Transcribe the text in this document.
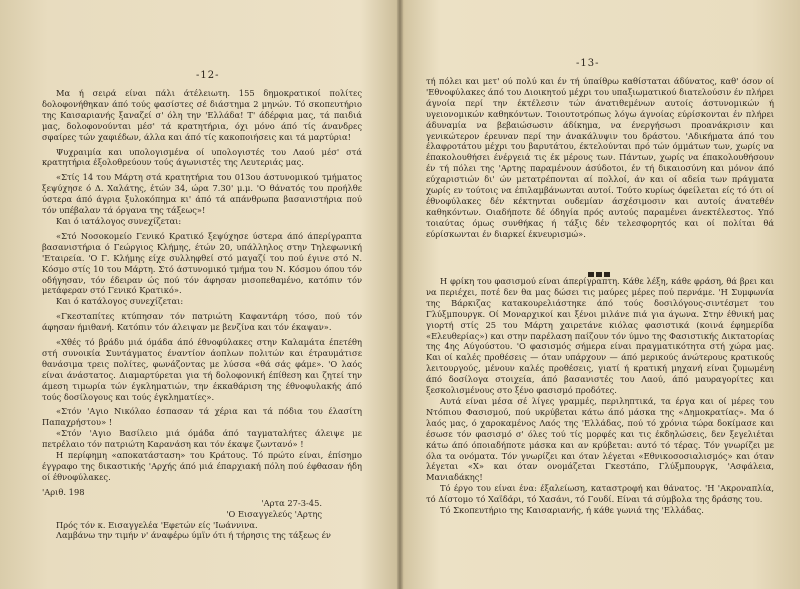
-12-

Μα ή σειρά είναι πάλι άτέλειωτη. 155 δημοκρατικοί πολίτες δολοφονήθηκαν άπό τούς φασίστες σέ διάστημα 2 μηνών. Τό σκοπευτήριο της Καισαριανής ξαναζεί σ' όλη την 'Ελλάδα! Τ' άδέρφια μας, τά παιδιά μας, δολοφονούνται μέσ' τά κρατητήρια, όχι μόνο άπό τίς άνανδρες σφαίρες τών χαφιέδων, άλλα και άπό τίς κακοποιήσεις και τά μαρτύρια!

Ψυχραιμία και υπολογισμένα οί υπολογιστές του Λαού μέσ' στά κρατητήρια έξολοθρεύουν τούς άγωνιστές της Λευτεριάς μας.

«Στίς 14 του Μάρτη στά κρατητήρια του 013ου άστυνομικού τμήματος ξεψύχησε ό Δ. Χαλάτης, έτών 34, ώρα 7.30' μ.μ. 'Ο θάνατός του προήλθε ύστερα άπό άγρια ξυλοκόπημα κι' άπό τά απάνθρωπα βασανιστήρια πού τόν υπέβαλαν τά όργανα της τάξεως»!

Και ό ιατάλογος συνεχίζεται:

«Στό Νοσοκομείο Γενικό Κρατικό ξεψύχησε ύστερα άπό άπερίγραπτα βασανιστήρια ό Γεώργιος Κλήμης, έτών 20, υπάλληλος στην Τηλεφωνική 'Εταιρεία. 'Ο Γ. Κλήμης είχε συλληφθεί στό μαγαζί του πού έγινε στό Ν. Κόσμο στίς 10 του Μάρτη. Στό άστυνομικό τμήμα του Ν. Κόσμου όπου τόν οδήγησαν, τόν έδειραν ώς πού τόν άφησαν μισοπεθαμένο, κατόπιν τόν μετάφεραν στό Γενικό Κρατικό».

Και ό κατάλογος συνεχίζεται:

«Γκεσταπίτες κτύπησαν τόν πατριώτη Καφαντάρη τόσο, πού τόν άφησαν ήμιθανή. Κατόπιν τόν άλειψαν με βενζίνα και τόν έκαψαν».

«Χθές τό βράδυ μιά όμάδα άπό έθνοφύλακες στην Καλαμάτα έπετέθη στή συνοικία Συντάγματος έναντίον άοπλων πολιτών και έτραυμάτισε θανάσιμα τρεις πολίτες, φωνάζοντας με λύσσα «θά σάς φάμε». 'Ο λαός είναι άνάστατος. Διαμαρτύρεται για τή δολοφονική έπίθεση και ζητεί την άμεση τιμωρία τών έγκληματιών, την έκκαθάριση της έθνοφυλακής άπό τούς δοσίλογους και τούς έγκληματίες».

«Στόν 'Αγιο Νικόλαο έσπασαν τά χέρια και τά πόδια του έλασίτη Παπαχρήστου» !

«Στόν 'Αγιο Βασίλειο μιά όμάδα άπό ταγματαλήτες άλειψε με πετρέλαιο τόν πατριώτη Καρανάση και τόν έκαψε ζωντανό» !

Η περίφημη «αποκατάσταση» του Κράτους. Τό πρώτο είναι, έπίσημο έγγραφο της δικαστικής 'Αρχής άπό μιά έπαρχιακή πόλη πού έφθασαν ήδη οί έθνοφύλακες.

'Αριθ. 198

'Αρτα 27-3-45.

'Ο Εισαγγελεύς 'Αρτης

Πρός τόν κ. Εισαγγελέα 'Εφετών είς 'Ιωάννινα.

Λαμβάνω την τιμήν ν' άναφέρω ύμϊν ότι ή τήρησις της τάξεως έν

-13-

τή πόλει και μετ' ού πολύ και έν τή ύπαίθρω καθίσταται άδύνατος, καθ' όσον οί 'Εθνοφύλακες άπό του Διοικητού μέχρι του υπαξιωματικού διατελούσιν έν πλήρει άγνοία περί την έκτέλεσιν τών άνατιθεμένων αυτοίς άστυνομικών ή υγειονομικών καθηκόντων. Τοιουτοτρόπως λόγω άγνοίας εύρίσκονται έν πλήρει άδυναμία να βεβαιώσωσιν άδίκημα, να ένεργήσωσι προανάκρισιν και γενικώτερον έρευναν περί την άνακάλυψιν του δράστου. 'Αδικήματα άπό του έλαφροτάτου μέχρι του βαρυτάτου, έκτελούνται πρό τών όμμάτων των, χωρίς να έπακολουθήσει ένέργειά τις έκ μέρους των. Πάντων, χωρίς να έπακολουθήσουν έν τή πόλει της 'Αρτης παραμένουν άσύδοτοι, έν τή δικαιοσύνη και μόνον άπό εύχαριστιών δι' ών μετατρέπονται αί πολλοί, άν και οί αδεία των πράγματα χωρίς εν τούτοις να έπιλαμβάνωνται αυτοί. Τούτο κυρίως όφείλεται είς τό ότι οί έθνοφύλακες δέν κέκτηνται ουδεμίαν άσχέσιμοσιν και αυτοίς άνατεθέν καθηκόντων. Οιαδήποτε δέ όδηγία πρός αυτούς παραμένει άνεκτέλεστος. Υπό τοιαύτας όμως συνθήκας ή τάξις δέν τελεσφορητός και οί πολίται θά εύρίσκωνται έν διαρκεί έκνευρισμώ».

Η φρίκη του φασισμού είναι άπερίγραπτη. Κάθε λέξη, κάθε φράση, θά βρει και να περιέχει, ποτέ δεν θα μας δώσει τις μαύρες μέρες πού περνάμε. 'Η Συμφωνία της Βάρκιζας κατακουρελιάστηκε άπό τούς δοσιλόγους-σιντέσμετ του Γλύξμπουργκ. Οί Μοναρχικοί και ξένοι μιλάνε πιά για άγωνα. Στην έθνική μας γιορτή στίς 25 του Μάρτη χαιρετάνε κιόλας φασιστικά (κοινά έφημερίδα «Ελευθερίας») και στην παρέλαση παίζουν τόν ύμνο της Φασιστικής Δικτατορίας της 4ης Αύγούστου. 'Ο φασισμός σήμερα είναι πραγματικότητα στή χώρα μας. Και οί καλές προθέσεις — όταν υπάρχουν — άπό μερικούς άνώτερους κρατικούς λειτουργούς, μένουν καλές προθέσεις, γιατί ή κρατική μηχανή είναι ζυμωμένη άπό δοσίλογα στοιχεία, άπό βασανιστές του Λαού, άπό μαυραγορίτες και ξεσκολισμένους στο ξένο φασισμό προδότες.

Αυτά είναι μέσα σέ λίγες γραμμές, περιληπτικά, τα έργα και οί μέρες του Ντόπιου Φασισμού, πού υκρύβεται κάτω άπό μάσκα της «Δημοκρατίας». Μα ό λαός μας, ό χαροκαμένος Λαός της 'Ελλάδας, πού τό χρόνια τώρα δοκίμασε και έσωσε τόν φασισμό σ' όλες τού τίς μορφές και τις έκδηλώσεις, δεν ξεγελιέται κάτω άπό όποιαδήποτε μάσκα και αν κρύβεται: αυτό τό τέρας. Τόν γνωρίζει με όλα τα ονόματα. Τόν γνωρίζει και όταν λέγεται «Εθνικοσοσιαλισμός» και όταν λέγεται «Χ» και όταν ονομάζεται Γκεστάπο, Γλύξμπουργκ, 'Ασφάλεια, Μανιαδάκης!

Τό έργο του είναι ένα: έξαλείωση, καταστροφή και θάνατος. 'Η 'Ακροναπλία, τό Δίστομο τό Χαϊδάρι, τό Χασάνι, τό Γουδί. Είναι τά σύμβολα της δράσης του.

Τό Σκοπευτήριο της Καισαριανής, ή κάθε γωνιά της 'Ελλάδας.
